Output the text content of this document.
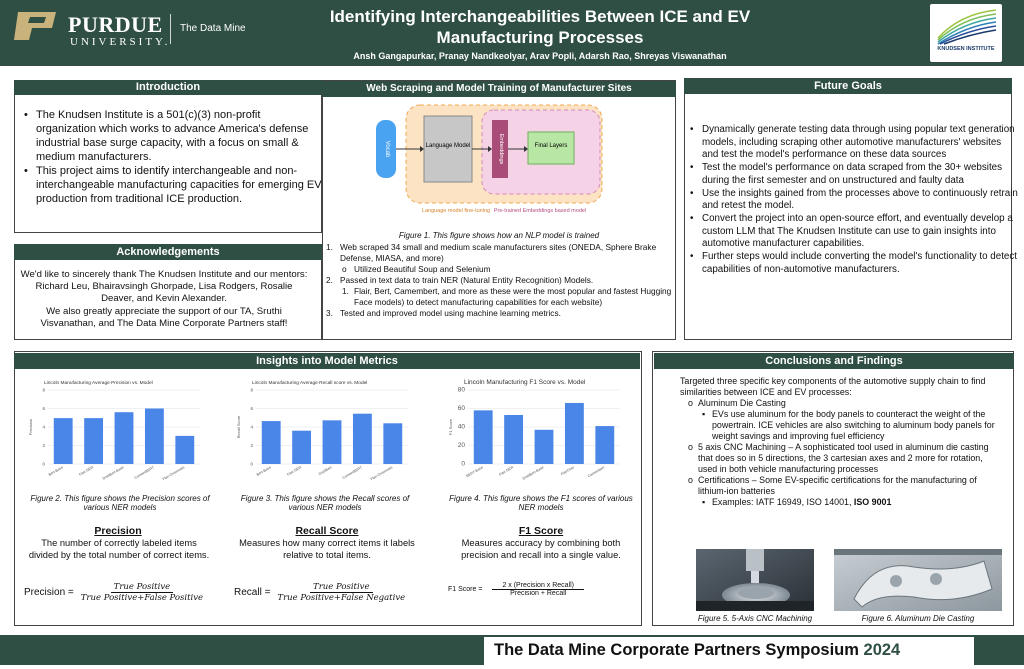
PURDUE
UNIVERSITY.
The Data Mine
Identifying Interchangeabilities Between ICE and EV
Manufacturing Processes
Ansh Gangapurkar, Pranay Nandkeolyar, Arav Popli, Adarsh Rao, Shreyas Viswanathan
KNUDSEN INSTITUTE
Introduction
• The Knudsen Institute is a 501(c)(3) non-profit organization which works to advance America's defense industrial base surge capacity, with a focus on small & medium manufacturers.
• This project aims to identify interchangeable and non-interchangeable manufacturing capacities for emerging EV production from traditional ICE production.
Acknowledgements
We'd like to sincerely thank The Knudsen Institute and our mentors: Richard Leu, Bhairavsingh Ghorpade, Lisa Rodgers, Rosalie Deaver, and Kevin Alexander.
We also greatly appreciate the support of our TA, Sruthi Visvanathan, and The Data Mine Corporate Partners staff!
Web Scraping and Model Training of Manufacturer Sites
Vocab	Language Model	Embeddings	Final Layers
Language model fine-tuning Pre-trained Embeddings based model
Figure 1. This figure shows how an NLP model is trained
1. Web scraped 34 small and medium scale manufacturers sites (ONEDA, Sphere Brake Defense, MIASA, and more)
o Utilized Beautiful Soup and Selenium
2. Passed in text data to train NER (Natural Entity Recognition) Models.
1. Flair, Bert, Camembert, and more as these were the most popular and fastest Hugging Face models) to detect manufacturing capabilities for each website)
3. Tested and improved model using machine learning metrics.
Future Goals
• Dynamically generate testing data through using popular text generation models, including scraping other automotive manufacturers' websites and test the model's performance on these data sources
• Test the model's performance on data scraped from the 30+ websites during the first semester and on unstructured and faulty data
• Use the insights gained from the processes above to continuously retrain and retest the model.
• Convert the project into an open-source effort, and eventually develop a custom LLM that The Knudsen Institute can use to gain insights into automotive manufacturer capabilities.
• Further steps would include converting the model's functionality to detect capabilities of non-automotive manufacturers.
Insights into Model Metrics
Lincoln Manufacturing Average Precision vs. Model
Precision
0
2
4
6
8
Bert-Base	Flair-NER DistilBert-Base	CamemBERT Flair-Ontonotes
Lincoln Manufacturing Average Recall score vs. Model
Recall Score
0
2
4
6
8
Bert-Base	Flair-NER	DistilBert	CamemBERT Flair-Ontonotes
Lincoln Manufacturing F1 Score vs. Model
F1 Score
0
20
40
60
80
BERT-Base	Flair-NER DistilBert-Base	FlairOnto	Camembert
Figure 2. This figure shows the Precision scores of various NER models
Figure 3. This figure shows the Recall scores of various NER models
Figure 4. This figure shows the F1 scores of various NER models
Precision
The number of correctly labeled items divided by the total number of correct items.
Recall Score
Measures how many correct items it labels relative to total items.
F1 Score
Measures accuracy by combining both precision and recall into a single value.
Precision = $\frac{\text{True Positive}}{\text{True Positive+False Positive}}$	Recall = $\frac{\text{True Positive}}{\text{True Positive+False Negative}}$	F1 Score = $\frac{\text{2 x (Precision x Recall)}}{\text{Precision + Recall}}$
Conclusions and Findings
Targeted three specific key components of the automotive supply chain to find similarities between ICE and EV processes:
o Aluminum Die Casting
▪ EVs use aluminum for the body panels to counteract the weight of the powertrain. ICE vehicles are also switching to aluminum body panels for weight savings and improving fuel efficiency
o 5 axis CNC Machining – A sophisticated tool used in aluminum die casting that does so in 5 directions, the 3 cartesian axes and 2 more for rotation, used in both vehicle manufacturing processes
o Certifications – Some EV-specific certifications for the manufacturing of lithium-ion batteries
▪ Examples: IATF 16949, ISO 14001, ISO 9001
Figure 5. 5-Axis CNC Machining	Figure 6. Aluminum Die Casting
The Data Mine Corporate Partners Symposium 2024
